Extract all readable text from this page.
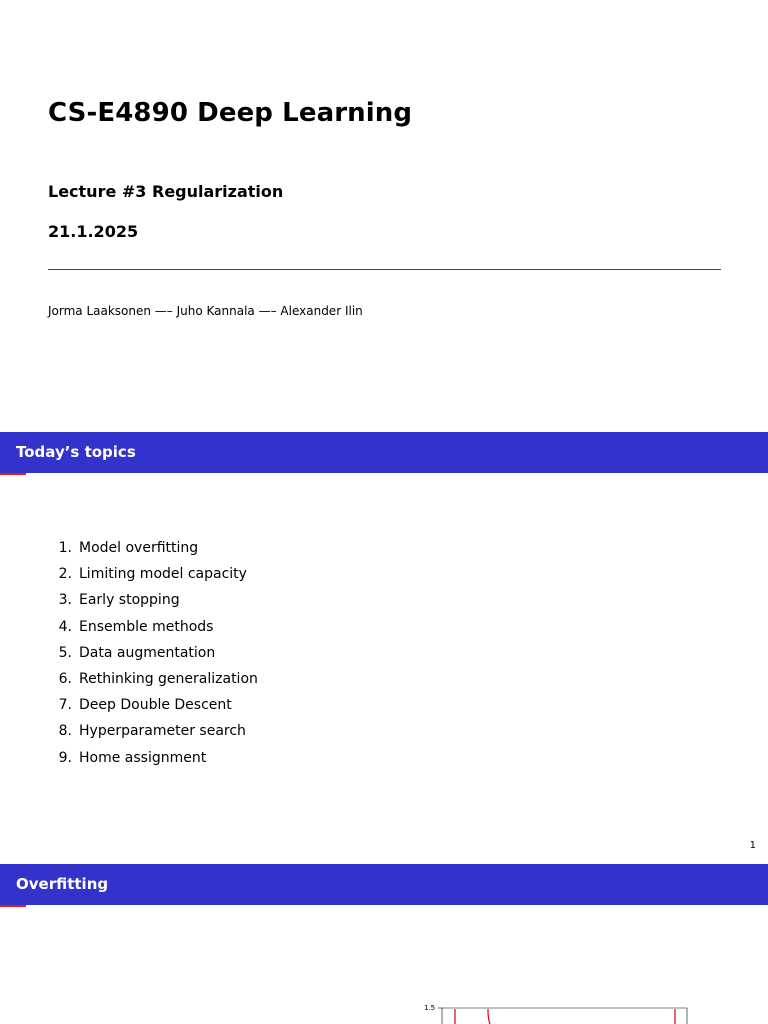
CS-E4890 Deep Learning
Lecture #3 Regularization
21.1.2025
Jorma Laaksonen —– Juho Kannala —– Alexander Ilin
Today’s topics
1. Model overfitting
2. Limiting model capacity
3. Early stopping
4. Ensemble methods
5. Data augmentation
6. Rethinking generalization
7. Deep Double Descent
8. Hyperparameter search
9. Home assignment
1
Overfitting
1.5
